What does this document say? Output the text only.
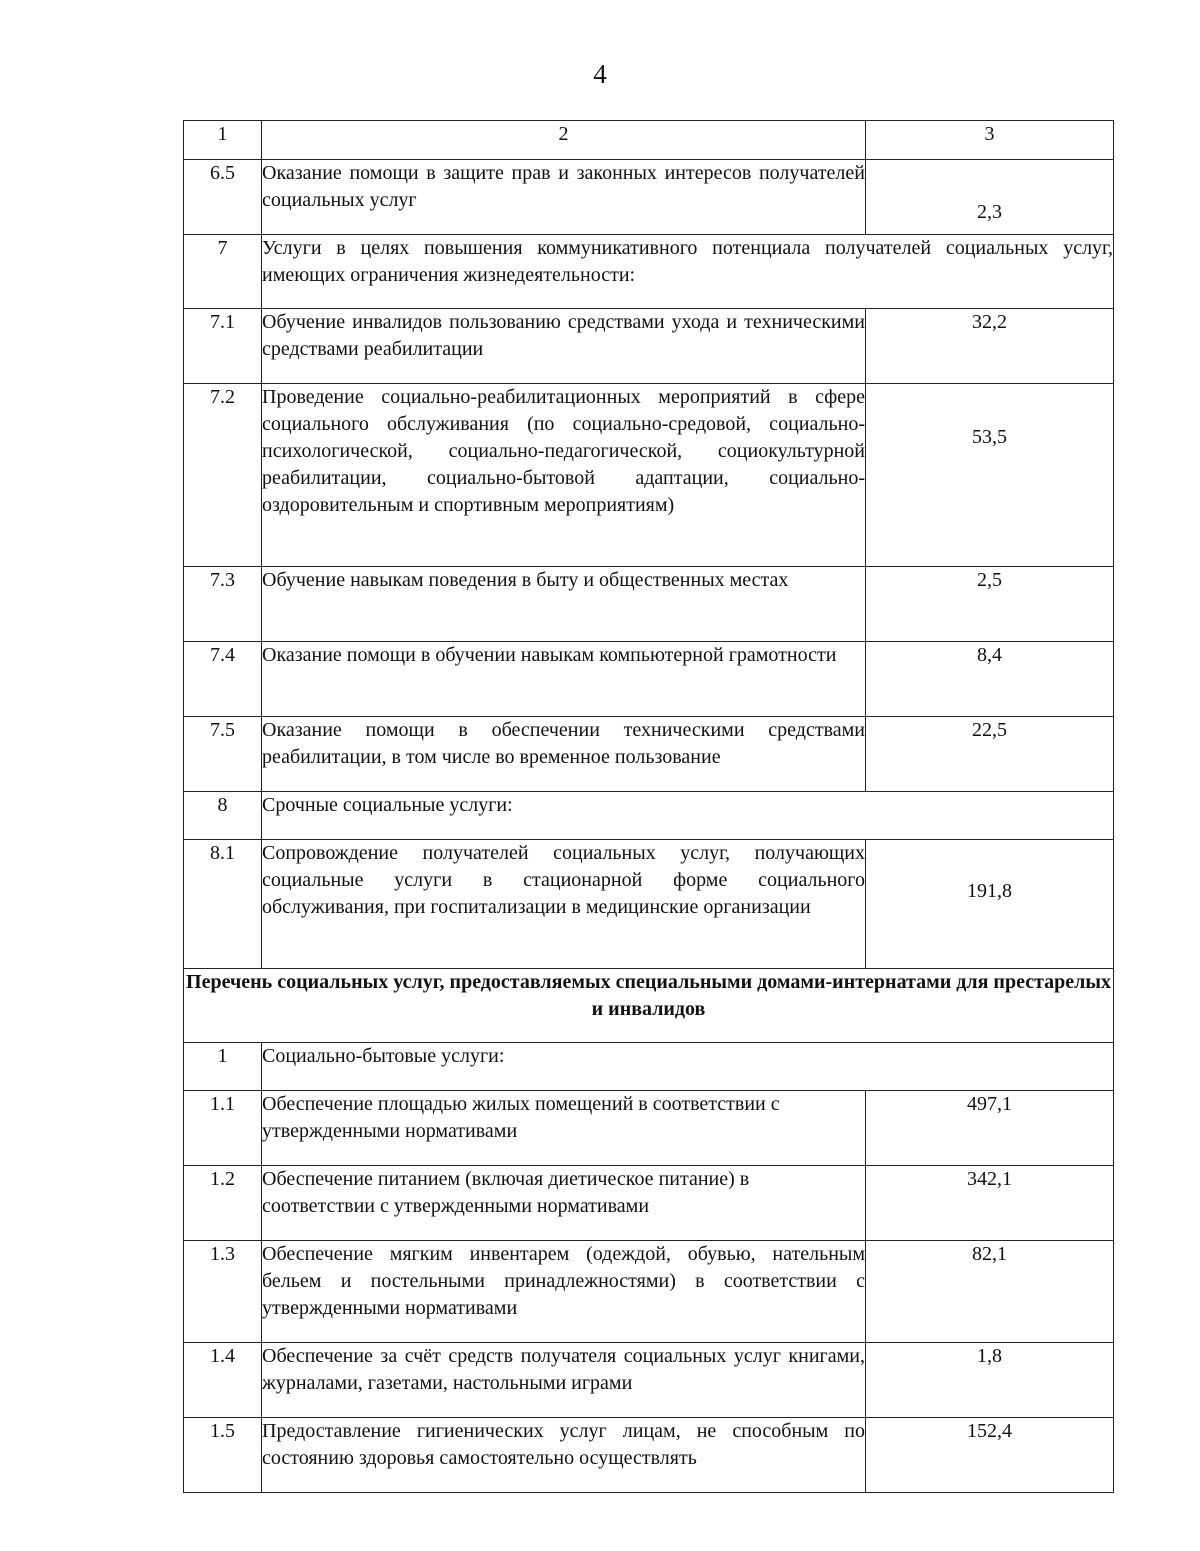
4
1	2	3
6.5	Оказание помощи в защите прав и законных интересов получателей социальных услуг	2,3
7	Услуги в целях повышения коммуникативного потенциала получателей социальных услуг, имеющих ограничения жизнедеятельности:	
7.1	Обучение инвалидов пользованию средствами ухода и техническими средствами реабилитации	32,2
7.2	Проведение социально-реабилитационных мероприятий в сфере социального обслуживания (по социально-средовой, социально-психологической, социально-педагогической, социокультурной реабилитации, социально-бытовой адаптации, социально-оздоровительным и спортивным мероприятиям)	53,5
7.3	Обучение навыкам поведения в быту и общественных местах	2,5
7.4	Оказание помощи в обучении навыкам компьютерной грамотности	8,4
7.5	Оказание помощи в обеспечении техническими средствами реабилитации, в том числе во временное пользование	22,5
8	Срочные социальные услуги:	
8.1	Сопровождение получателей социальных услуг, получающих социальные услуги в стационарной форме социального обслуживания, при госпитализации в медицинские организации	191,8
Перечень социальных услуг, предоставляемых специальными домами-интернатами для престарелых и инвалидов		
1	Социально-бытовые услуги:	
1.1	Обеспечение площадью жилых помещений в соответствии с утвержденными нормативами	497,1
1.2	Обеспечение питанием (включая диетическое питание) в соответствии с утвержденными нормативами	342,1
1.3	Обеспечение мягким инвентарем (одеждой, обувью, нательным бельем и постельными принадлежностями) в соответствии с утвержденными нормативами	82,1
1.4	Обеспечение за счёт средств получателя социальных услуг книгами, журналами, газетами, настольными играми	1,8
1.5	Предоставление гигиенических услуг лицам, не способным по состоянию здоровья самостоятельно осуществлять	152,4
